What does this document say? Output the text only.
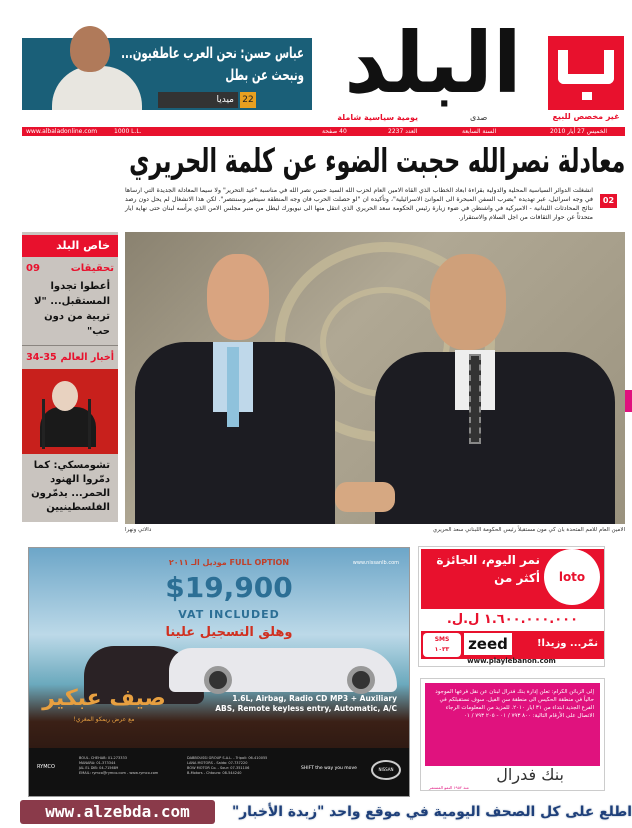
غير مخصص للبيع
البلد
يومية سياسية شاملة	صدى
عباس حسن: نحن العرب عاطفيون... ونبحث عن بطل
ميديا 22
www.albaladonline.com	1000 L.L.	40 صفحة	العدد 2237	السنة السابعة	الخميس 27 أيار 2010
معادلة نصرالله حجبت الضوء عن كلمة الحريري
انشغلت الدوائر السياسية المحلية والدولية بقراءة ابعاد الخطاب الذي القاه الامين العام لحزب الله السيد حسن نصر الله في مناسبة "عيد التحرير" ولا سيما المعادلة الجديدة التي ارساها في وجه اسرائيل، عبر تهديده "بضرب السفن المبحرة الى الموانئ الاسرائيلية"، وتأكيده ان "لو حصلت الحرب فان وجه المنطقة سيتغير وسننتصر". لكن هذا الانشغال لم يحل دون رصد نتائج المحادثات اللبنانية - الاميركية في واشنطن في ضوء زيارة رئيس الحكومة سعد الحريري الذي انتقل منها الى نيويورك ليطل من منبر مجلس الامن الذي يرأسه لبنان حتى نهاية ايار متحدثاً عن حوار الثقافات من اجل السلام والاستقرار.
02
خاص البلد
تحقيقات
09
أعطوا تجدوا المستقبل... "لا تربية من دون حب"
أخبار العالم
34-35
تشومسكي: كما دمّروا الهنود الحمر... يدمّرون الفلسطينيين
دالاتي ونهرا	الامين العام للامم المتحدة بان كي مون مستقبلاً رئيس الحكومة اللبناني سعد الحريري
www.nissanlb.com
موديل الـ ٢٠١١ FULL OPTION
$19,900
VAT INCLUDED
وهلق التسجيل علينا
صيف عبكير
مع عرض ريمكو المغري!
1.6L, Airbag, Radio CD MP3 + Auxiliary
ABS, Remote keyless entry, Automatic, A/C
RYMCO
BOUL. CHEHAB: 01-273333
MANARA: 01-373344
JAL EL DIB: 04-715689
EMAIL: rymco@rymco.com - www.rymco.com
DABBOUSSI GROUP S.A.L. - Tripoli: 06-410055
LANA MOTORS - Saida: 07-737220
BOW MOTOR Co. - Sour: 07-351106
B-Motors - Chtoura: 08-544240
SHIFT the way you move	NISSAN
loto
نمر اليوم، الجائزة أكثر من
١.٦٠٠.٠٠٠.٠٠٠ ل.ل.
SMS
١٠٣٣	zeed	نمّر... وزيدا!
www.playlebanon.com
إلى الزبائن الكرام: تعلن إدارة بنك فدرال لبنان عن نقل فرعها الموجود حالياً في منطقة الحكيس الى منطقة سن الفيل. سوف نستقبلكم في الفرع الجديد ابتداء من ٣١ ايار ٢٠١٠. للمزيد من المعلومات الرجاء الاتصال على الأرقام التالية: ٨٠٠ ٧٩٣ / ٠١ - ٢٠٥ ٧٩٣ / ٠١
بنك فدرال
منذ ١٩٥٢ النمو المستمر
www.alzebda.com	اطلع على كل الصحف اليومية في موقع واحد "زبدة الأخبار"
